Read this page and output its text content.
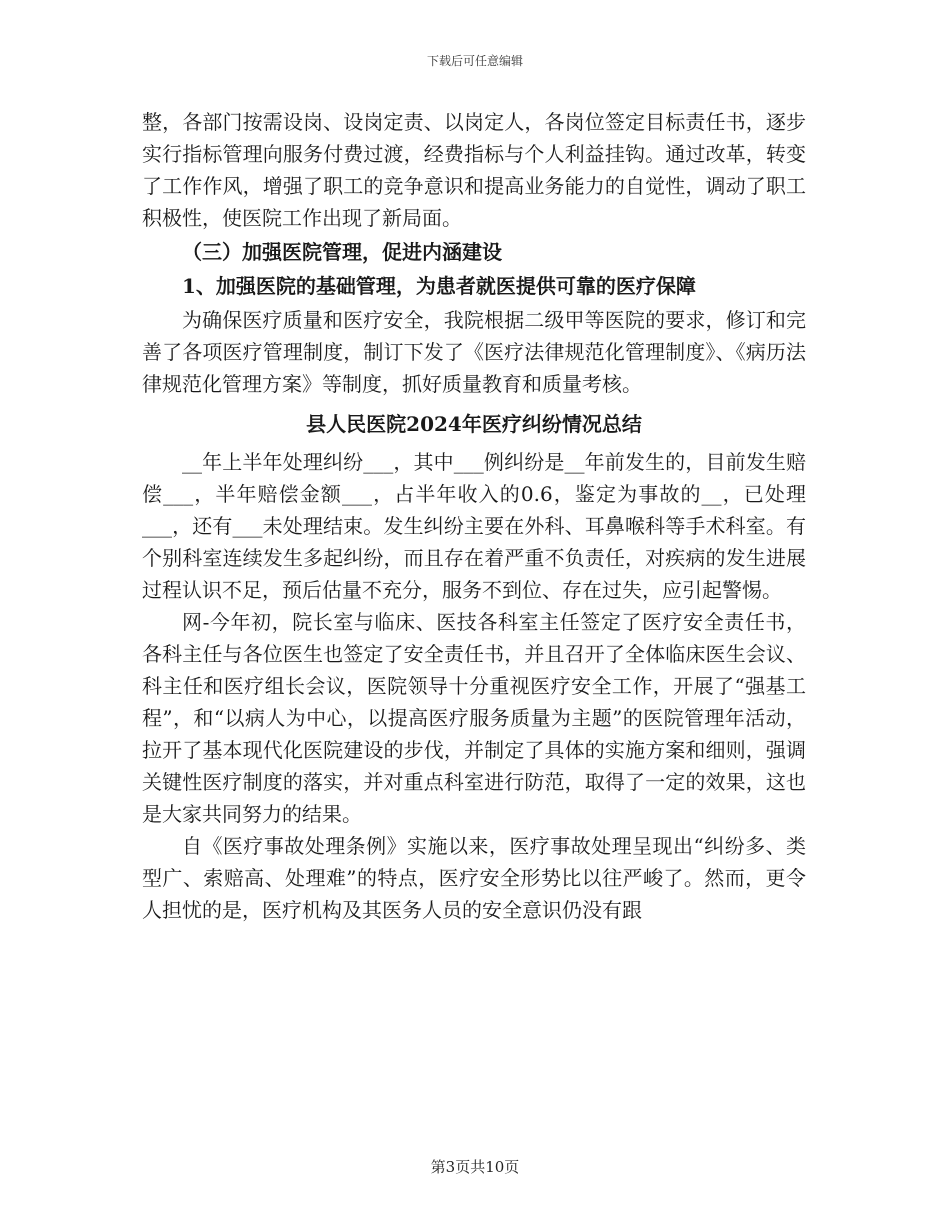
下载后可任意编辑

整，各部门按需设岗、设岗定责、以岗定人，各岗位签定目标责任书，逐步实行指标管理向服务付费过渡，经费指标与个人利益挂钩。通过改革，转变了工作作风，增强了职工的竞争意识和提高业务能力的自觉性，调动了职工积极性，使医院工作出现了新局面。

（三）加强医院管理，促进内涵建设

1、加强医院的基础管理，为患者就医提供可靠的医疗保障

为确保医疗质量和医疗安全，我院根据二级甲等医院的要求，修订和完善了各项医疗管理制度，制订下发了《医疗法律规范化管理制度》、《病历法律规范化管理方案》等制度，抓好质量教育和质量考核。

县人民医院2024年医疗纠纷情况总结

__年上半年处理纠纷___，其中___例纠纷是__年前发生的，目前发生赔偿___，半年赔偿金额___，占半年收入的0.6，鉴定为事故的__，已处理___，还有___未处理结束。发生纠纷主要在外科、耳鼻喉科等手术科室。有个别科室连续发生多起纠纷，而且存在着严重不负责任，对疾病的发生进展过程认识不足，预后估量不充分，服务不到位、存在过失，应引起警惕。

网-今年初，院长室与临床、医技各科室主任签定了医疗安全责任书，各科主任与各位医生也签定了安全责任书，并且召开了全体临床医生会议、科主任和医疗组长会议，医院领导十分重视医疗安全工作，开展了“强基工程”，和“以病人为中心，以提高医疗服务质量为主题”的医院管理年活动，拉开了基本现代化医院建设的步伐，并制定了具体的实施方案和细则，强调关键性医疗制度的落实，并对重点科室进行防范，取得了一定的效果，这也是大家共同努力的结果。

自《医疗事故处理条例》实施以来，医疗事故处理呈现出“纠纷多、类型广、索赔高、处理难”的特点，医疗安全形势比以往严峻了。然而，更令人担忧的是，医疗机构及其医务人员的安全意识仍没有跟

第3页共10页
